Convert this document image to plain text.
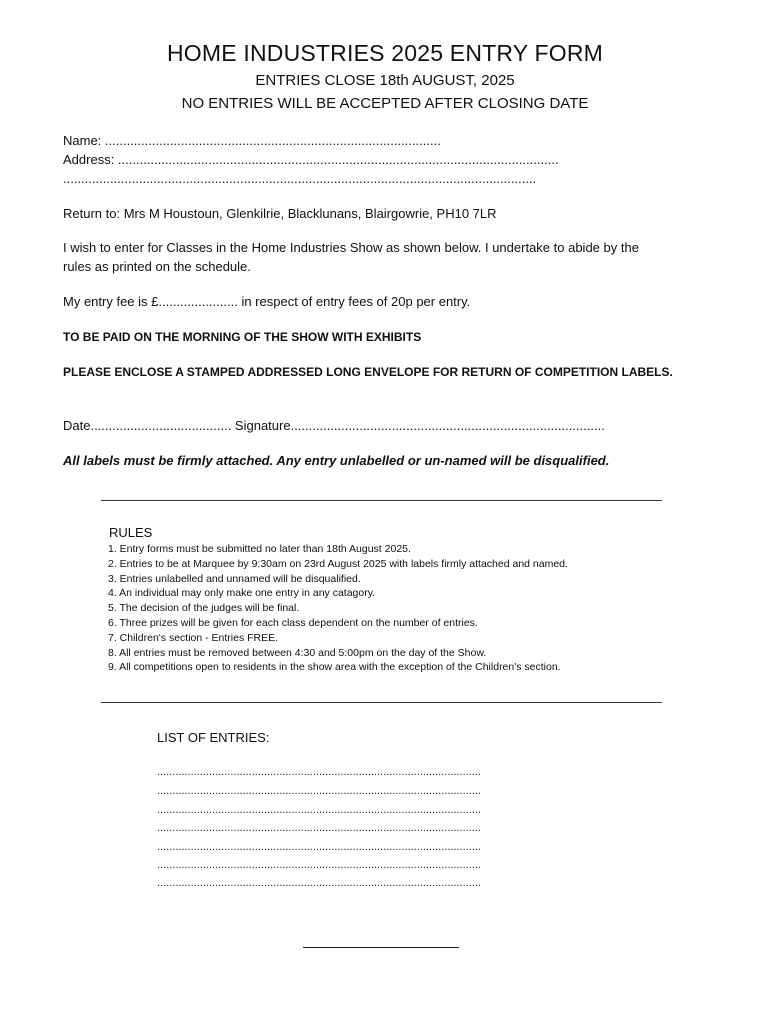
HOME INDUSTRIES 2025 ENTRY FORM
ENTRIES CLOSE 18th AUGUST, 2025
NO ENTRIES WILL BE ACCEPTED AFTER CLOSING DATE
Name: .............................................................................................
Address: ..........................................................................................................................
...................................................................................................................................
Return to: Mrs M Houstoun, Glenkilrie, Blacklunans, Blairgowrie, PH10 7LR
I wish to enter for Classes in the Home Industries Show as shown below. I undertake to abide by the
rules as printed on the schedule.
My entry fee is £...................... in respect of entry fees of 20p per entry.
TO BE PAID ON THE MORNING OF THE SHOW WITH EXHIBITS
PLEASE ENCLOSE A STAMPED ADDRESSED LONG ENVELOPE FOR RETURN OF COMPETITION LABELS.
Date....................................... Signature.......................................................................................
All labels must be firmly attached. Any entry unlabelled or un-named will be disqualified.
RULES
1. Entry forms must be submitted no later than 18th August 2025.
2. Entries to be at Marquee by 9:30am on 23rd August 2025 with labels firmly attached and named.
3. Entries unlabelled and unnamed will be disqualified.
4. An individual may only make one entry in any catagory.
5. The decision of the judges will be final.
6. Three prizes will be given for each class dependent on the number of entries.
7. Children's section - Entries FREE.
8. All entries must be removed between 4:30 and 5:00pm on the day of the Show.
9. All competitions open to residents in the show area with the exception of the Children's section.
LIST OF ENTRIES:
..........................................................................................................
..........................................................................................................
..........................................................................................................
..........................................................................................................
..........................................................................................................
..........................................................................................................
..........................................................................................................
